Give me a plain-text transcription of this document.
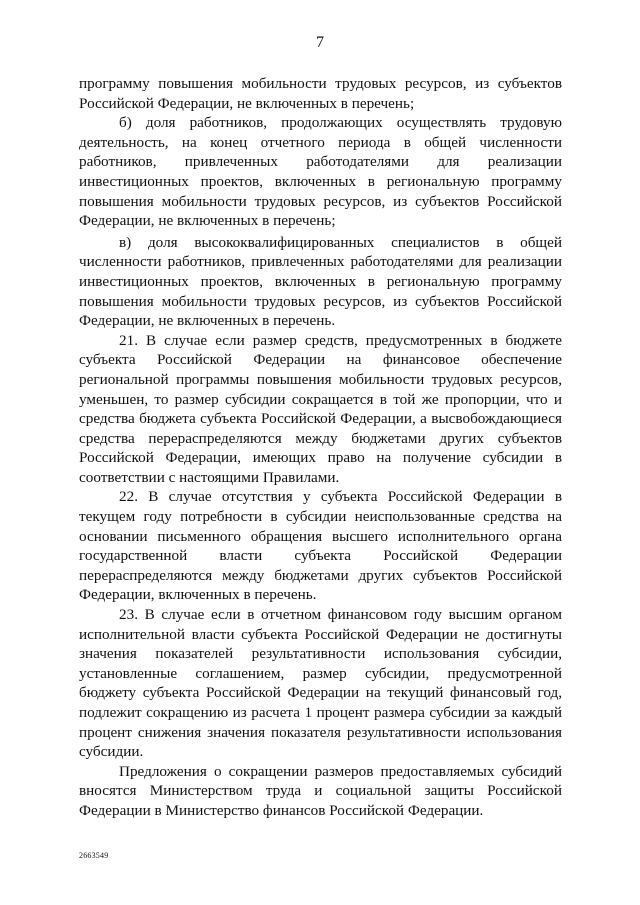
7

программу повышения мобильности трудовых ресурсов, из субъектов Российской Федерации, не включенных в перечень;

б) доля работников, продолжающих осуществлять трудовую деятельность, на конец отчетного периода в общей численности работников, привлеченных работодателями для реализации инвестиционных проектов, включенных в региональную программу повышения мобильности трудовых ресурсов, из субъектов Российской Федерации, не включенных в перечень;

в) доля высококвалифицированных специалистов в общей численности работников, привлеченных работодателями для реализации инвестиционных проектов, включенных в региональную программу повышения мобильности трудовых ресурсов, из субъектов Российской Федерации, не включенных в перечень.

21. В случае если размер средств, предусмотренных в бюджете субъекта Российской Федерации на финансовое обеспечение региональной программы повышения мобильности трудовых ресурсов, уменьшен, то размер субсидии сокращается в той же пропорции, что и средства бюджета субъекта Российской Федерации, а высвобождающиеся средства перераспределяются между бюджетами других субъектов Российской Федерации, имеющих право на получение субсидии в соответствии с настоящими Правилами.

22. В случае отсутствия у субъекта Российской Федерации в текущем году потребности в субсидии неиспользованные средства на основании письменного обращения высшего исполнительного органа государственной власти субъекта Российской Федерации перераспределяются между бюджетами других субъектов Российской Федерации, включенных в перечень.

23. В случае если в отчетном финансовом году высшим органом исполнительной власти субъекта Российской Федерации не достигнуты значения показателей результативности использования субсидии, установленные соглашением, размер субсидии, предусмотренной бюджету субъекта Российской Федерации на текущий финансовый год, подлежит сокращению из расчета 1 процент размера субсидии за каждый процент снижения значения показателя результативности использования субсидии.

Предложения о сокращении размеров предоставляемых субсидий вносятся Министерством труда и социальной защиты Российской Федерации в Министерство финансов Российской Федерации.

2663549
